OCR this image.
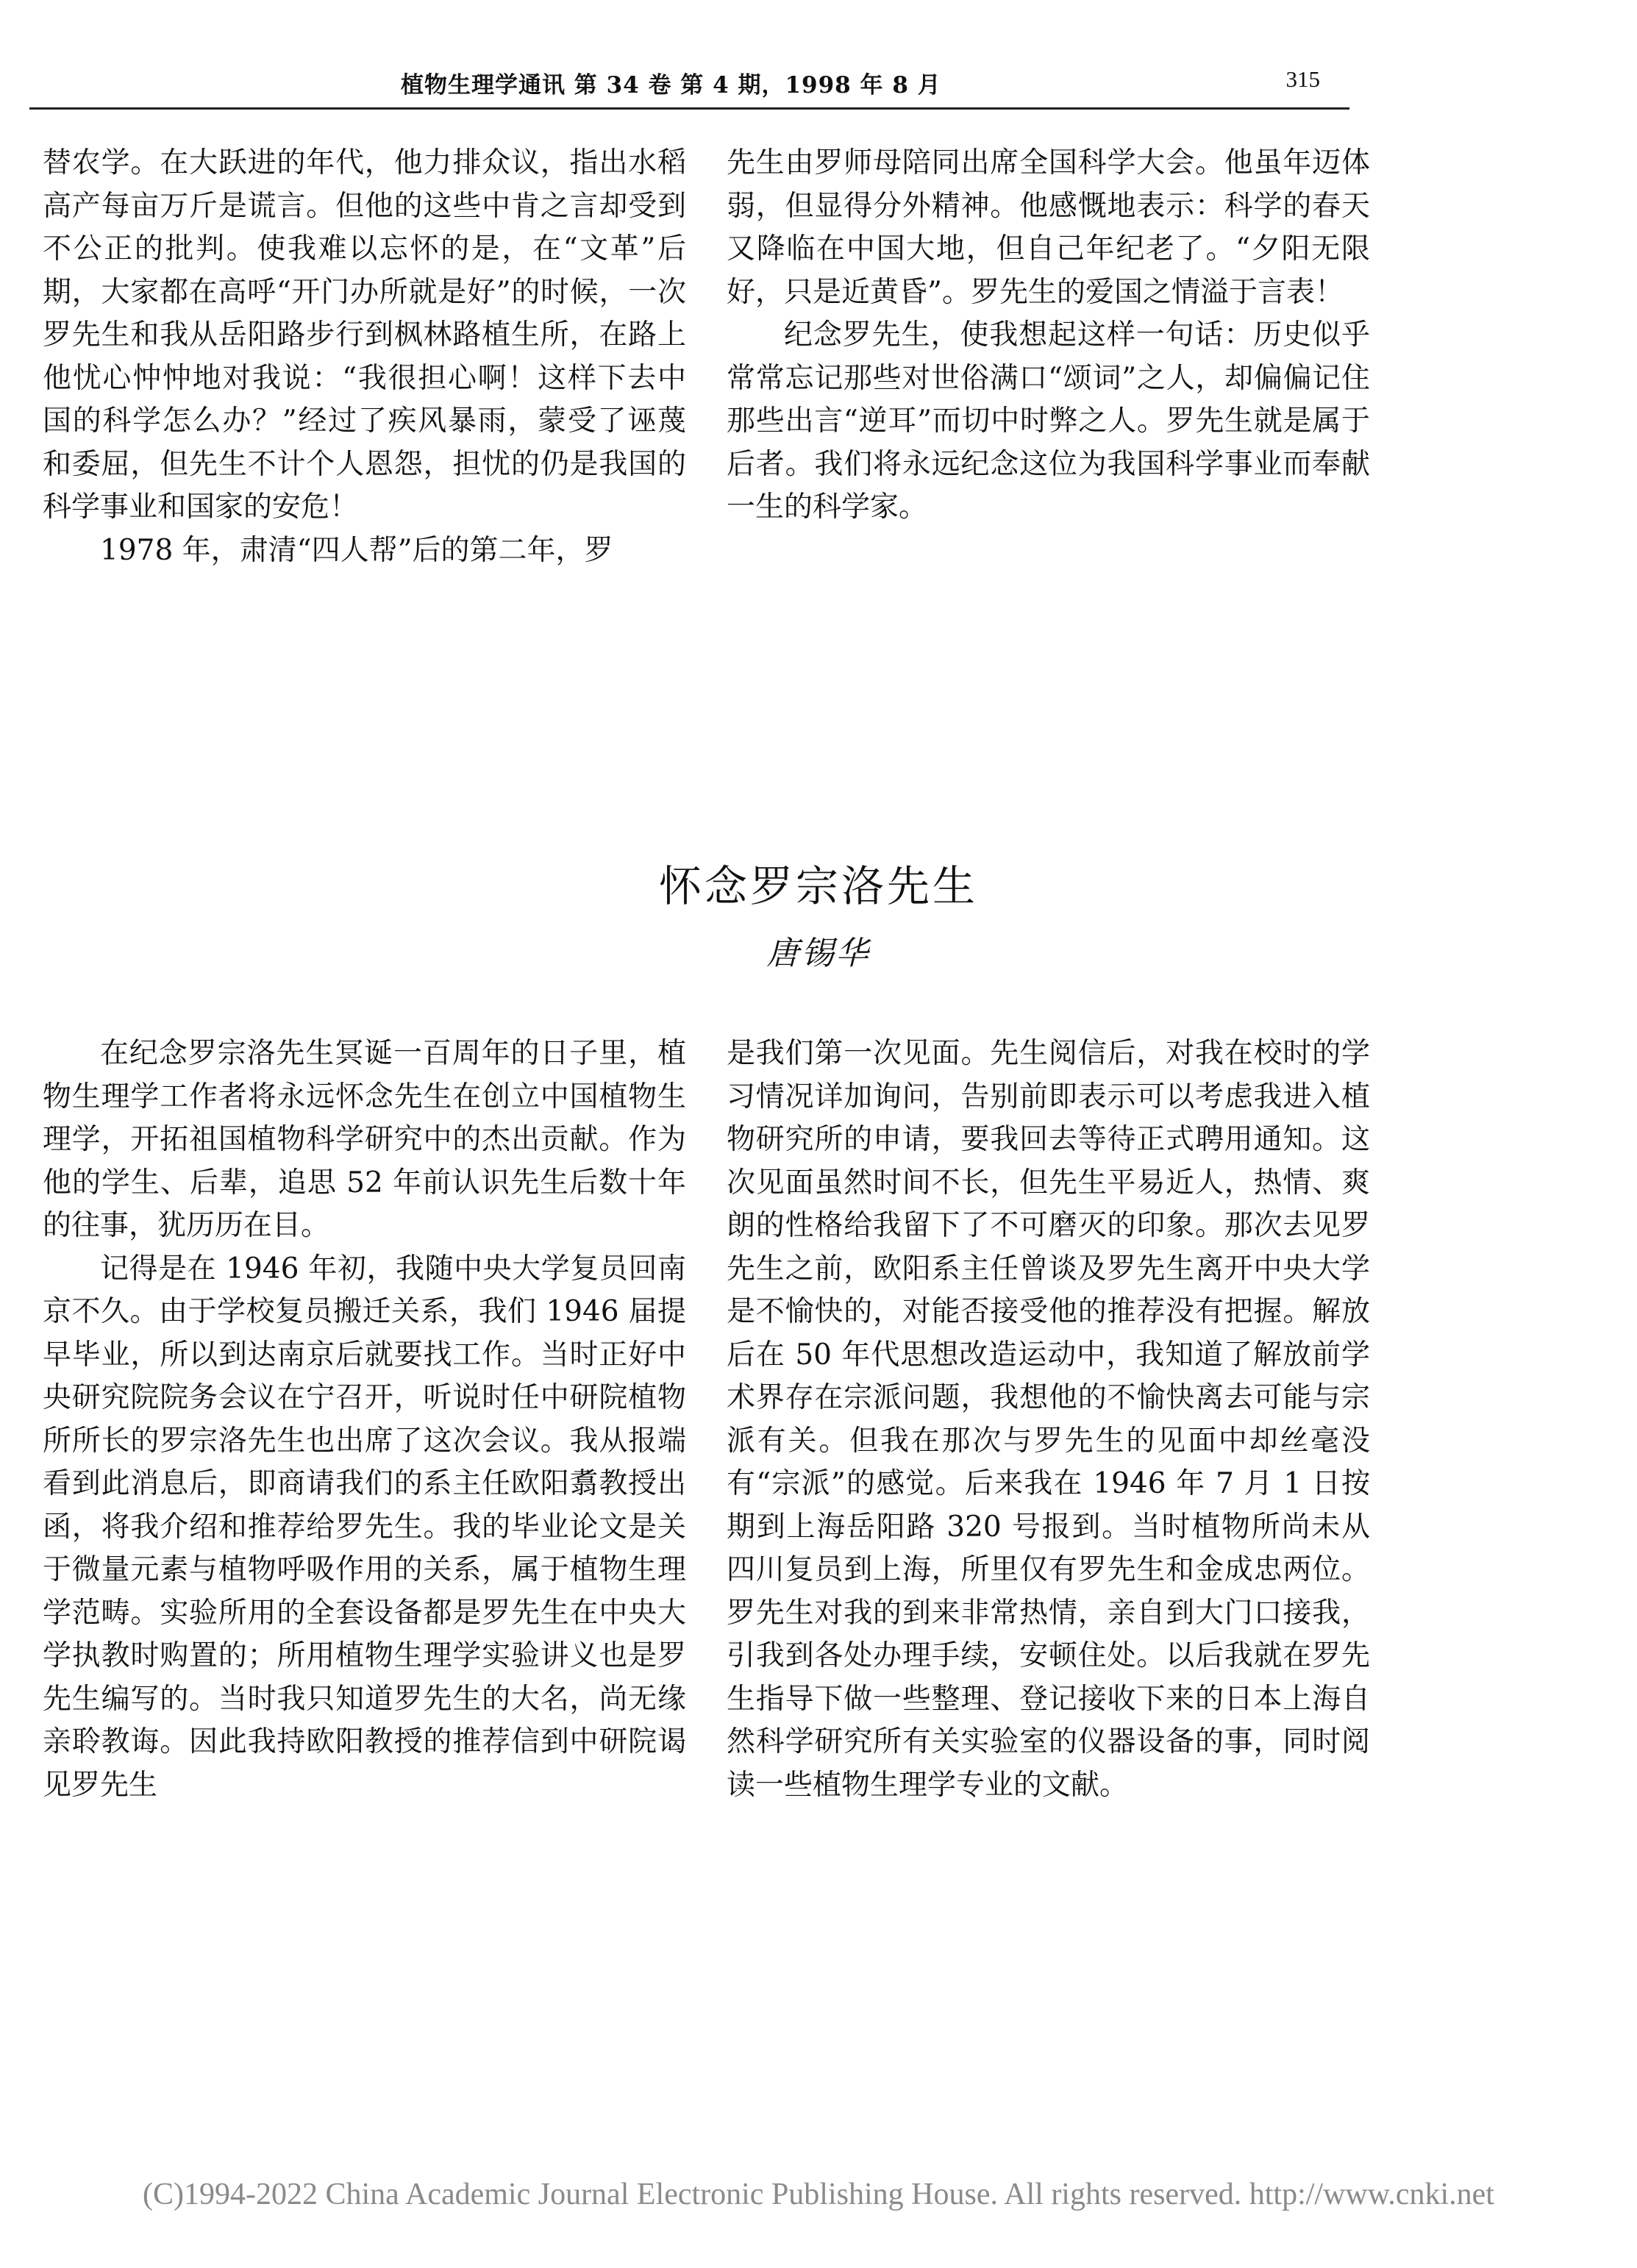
植物生理学通讯 第 34 卷 第 4 期，1998 年 8 月	315

替农学。在大跃进的年代，他力排众议，指出水稻高产每亩万斤是谎言。但他的这些中肯之言却受到不公正的批判。使我难以忘怀的是，在“文革”后期，大家都在高呼“开门办所就是好”的时候，一次罗先生和我从岳阳路步行到枫林路植生所，在路上他忧心忡忡地对我说：“我很担心啊！这样下去中国的科学怎么办？”经过了疾风暴雨，蒙受了诬蔑和委屈，但先生不计个人恩怨，担忧的仍是我国的科学事业和国家的安危！

1978 年，肃清“四人帮”后的第二年，罗

先生由罗师母陪同出席全国科学大会。他虽年迈体弱，但显得分外精神。他感慨地表示：科学的春天又降临在中国大地，但自己年纪老了。“夕阳无限好，只是近黄昏”。罗先生的爱国之情溢于言表！

纪念罗先生，使我想起这样一句话：历史似乎常常忘记那些对世俗满口“颂词”之人，却偏偏记住那些出言“逆耳”而切中时弊之人。罗先生就是属于后者。我们将永远纪念这位为我国科学事业而奉献一生的科学家。

怀念罗宗洛先生
唐锡华

在纪念罗宗洛先生冥诞一百周年的日子里，植物生理学工作者将永远怀念先生在创立中国植物生理学，开拓祖国植物科学研究中的杰出贡献。作为他的学生、后辈，追思 52 年前认识先生后数十年的往事，犹历历在目。

记得是在 1946 年初，我随中央大学复员回南京不久。由于学校复员搬迁关系，我们 1946 届提早毕业，所以到达南京后就要找工作。当时正好中央研究院院务会议在宁召开，听说时任中研院植物所所长的罗宗洛先生也出席了这次会议。我从报端看到此消息后，即商请我们的系主任欧阳翥教授出函，将我介绍和推荐给罗先生。我的毕业论文是关于微量元素与植物呼吸作用的关系，属于植物生理学范畴。实验所用的全套设备都是罗先生在中央大学执教时购置的；所用植物生理学实验讲义也是罗先生编写的。当时我只知道罗先生的大名，尚无缘亲聆教诲。因此我持欧阳教授的推荐信到中研院谒见罗先生

是我们第一次见面。先生阅信后，对我在校时的学习情况详加询问，告别前即表示可以考虑我进入植物研究所的申请，要我回去等待正式聘用通知。这次见面虽然时间不长，但先生平易近人，热情、爽朗的性格给我留下了不可磨灭的印象。那次去见罗先生之前，欧阳系主任曾谈及罗先生离开中央大学是不愉快的，对能否接受他的推荐没有把握。解放后在 50 年代思想改造运动中，我知道了解放前学术界存在宗派问题，我想他的不愉快离去可能与宗派有关。但我在那次与罗先生的见面中却丝毫没有“宗派”的感觉。后来我在 1946 年 7 月 1 日按期到上海岳阳路 320 号报到。当时植物所尚未从四川复员到上海，所里仅有罗先生和金成忠两位。罗先生对我的到来非常热情，亲自到大门口接我，引我到各处办理手续，安顿住处。以后我就在罗先生指导下做一些整理、登记接收下来的日本上海自然科学研究所有关实验室的仪器设备的事，同时阅读一些植物生理学专业的文献。

(C)1994-2022 China Academic Journal Electronic Publishing House. All rights reserved. http://www.cnki.net
